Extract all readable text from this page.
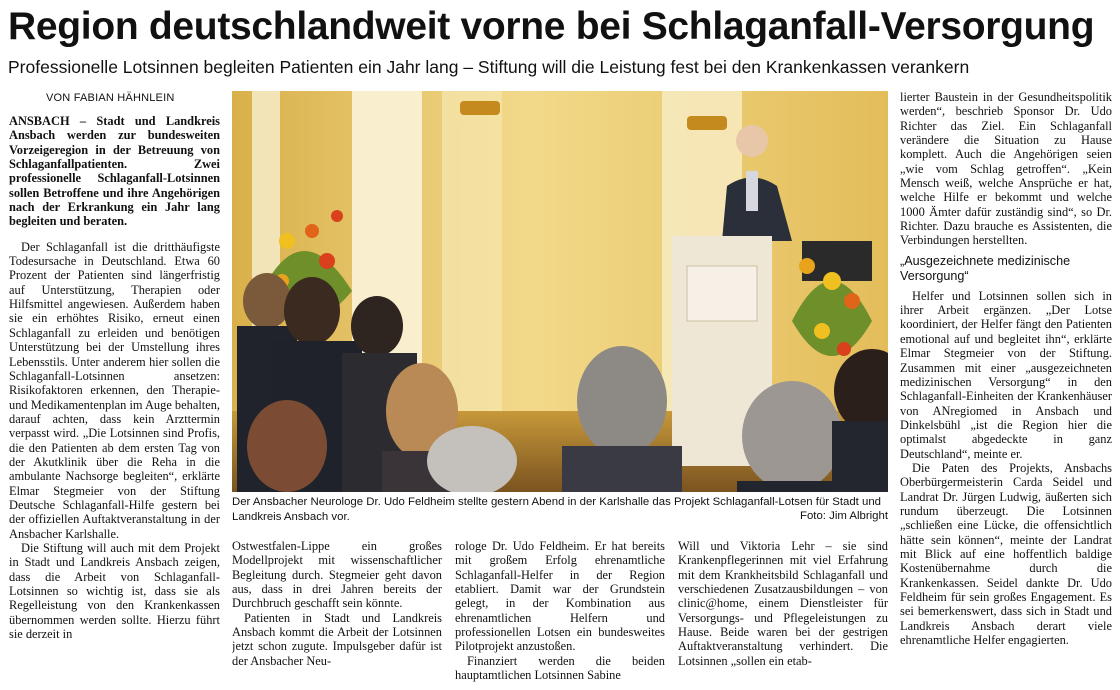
Region deutschlandweit vorne bei Schlaganfall-Versorgung
Professionelle Lotsinnen begleiten Patienten ein Jahr lang – Stiftung will die Leistung fest bei den Krankenkassen verankern
VON FABIAN HÄHNLEIN

ANSBACH – Stadt und Landkreis Ansbach werden zur bundesweiten Vorzeigeregion in der Betreuung von Schlaganfallpatienten. Zwei professionelle Schlaganfall-Lotsinnen sollen Betroffene und ihre Angehörigen nach der Erkrankung ein Jahr lang begleiten und beraten.

Der Schlaganfall ist die dritthäufigste Todesursache in Deutschland. Etwa 60 Prozent der Patienten sind längerfristig auf Unterstützung, Therapien oder Hilfsmittel angewiesen. Außerdem haben sie ein erhöhtes Risiko, erneut einen Schlaganfall zu erleiden und benötigen Unterstützung bei der Umstellung ihres Lebensstils. Unter anderem hier sollen die Schlaganfall-Lotsinnen ansetzen: Risikofaktoren erkennen, den Therapie- und Medikamentenplan im Auge behalten, darauf achten, dass kein Arzttermin verpasst wird. „Die Lotsinnen sind Profis, die den Patienten ab dem ersten Tag von der Akutklinik über die Reha in die ambulante Nachsorge begleiten“, erklärte Elmar Stegmeier von der Stiftung Deutsche Schlaganfall-Hilfe gestern bei der offiziellen Auftaktveranstaltung in der Ansbacher Karlshalle.

Die Stiftung will auch mit dem Projekt in Stadt und Landkreis Ansbach zeigen, dass die Arbeit von Schlaganfall-Lotsinnen so wichtig ist, dass sie als Regelleistung von den Krankenkassen übernommen werden sollte. Hierzu führt sie derzeit in

Der Ansbacher Neurologe Dr. Udo Feldheim stellte gestern Abend in der Karlshalle das Projekt Schlaganfall-Lotsen für Stadt und Landkreis Ansbach vor.	Foto: Jim Albright

Ostwestfalen-Lippe ein großes Modellprojekt mit wissenschaftlicher Begleitung durch. Stegmeier geht davon aus, dass in drei Jahren bereits der Durchbruch geschafft sein könnte.

Patienten in Stadt und Landkreis Ansbach kommt die Arbeit der Lotsinnen jetzt schon zugute. Impulsgeber dafür ist der Ansbacher Neu-

rologe Dr. Udo Feldheim. Er hat bereits mit großem Erfolg ehrenamtliche Schlaganfall-Helfer in der Region etabliert. Damit war der Grundstein gelegt, in der Kombination aus ehrenamtlichen Helfern und professionellen Lotsen ein bundesweites Pilotprojekt anzustoßen.

Finanziert werden die beiden hauptamtlichen Lotsinnen Sabine

Will und Viktoria Lehr – sie sind Krankenpflegerinnen mit viel Erfahrung mit dem Krankheitsbild Schlaganfall und verschiedenen Zusatzausbildungen – von clinic@home, einem Dienstleister für Versorgungs- und Pflegeleistungen zu Hause. Beide waren bei der gestrigen Auftaktveranstaltung verhindert. Die Lotsinnen „sollen ein etab-

lierter Baustein in der Gesundheitspolitik werden“, beschrieb Sponsor Dr. Udo Richter das Ziel. Ein Schlaganfall verändere die Situation zu Hause komplett. Auch die Angehörigen seien „wie vom Schlag getroffen“. „Kein Mensch weiß, welche Ansprüche er hat, welche Hilfe er bekommt und welche 1000 Ämter dafür zuständig sind“, so Dr. Richter. Dazu brauche es Assistenten, die Verbindungen herstellten.

„Ausgezeichnete medizinische Versorgung“

Helfer und Lotsinnen sollen sich in ihrer Arbeit ergänzen. „Der Lotse koordiniert, der Helfer fängt den Patienten emotional auf und begleitet ihn“, erklärte Elmar Stegmeier von der Stiftung. Zusammen mit einer „ausgezeichneten medizinischen Versorgung“ in den Schlaganfall-Einheiten der Krankenhäuser von ANregiomed in Ansbach und Dinkelsbühl „ist die Region hier die optimalst abgedeckte in ganz Deutschland“, meinte er.

Die Paten des Projekts, Ansbachs Oberbürgermeisterin Carda Seidel und Landrat Dr. Jürgen Ludwig, äußerten sich rundum überzeugt. Die Lotsinnen „schließen eine Lücke, die offensichtlich hätte sein können“, meinte der Landrat mit Blick auf eine hoffentlich baldige Kostenübernahme durch die Krankenkassen. Seidel dankte Dr. Udo Feldheim für sein großes Engagement. Es sei bemerkenswert, dass sich in Stadt und Landkreis Ansbach derart viele ehrenamtliche Helfer engagierten.
